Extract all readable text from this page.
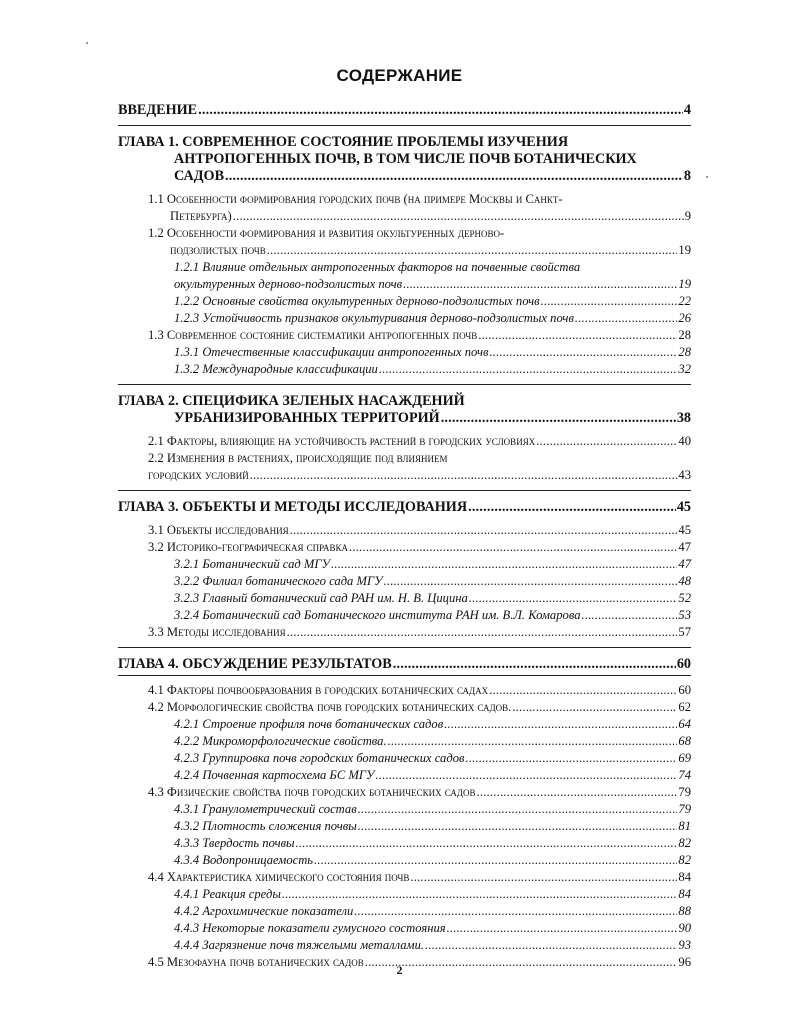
СОДЕРЖАНИЕ
ВВЕДЕНИЕ .....	4
ГЛАВА 1. СОВРЕМЕННОЕ СОСТОЯНИЕ ПРОБЛЕМЫ ИЗУЧЕНИЯ
АНТРОПОГЕННЫХ ПОЧВ, В ТОМ ЧИСЛЕ ПОЧВ БОТАНИЧЕСКИХ
САДОВ .....	8
1.1 Особенности формирования городских почв (на примере Москвы и Санкт-
Петербурга) .....	9
1.2 Особенности формирования и развития окультуренных дерново-
подзолистых почв .....	19
1.2.1 Влияние отдельных антропогенных факторов на почвенные свойства
окультуренных дерново-подзолистых почв .....	19
1.2.2 Основные свойства окультуренных дерново-подзолистых почв .....	22
1.2.3 Устойчивость признаков окультуривания дерново-подзолистых почв .....	26
1.3 Современное состояние систематики антропогенных почв .....	28
1.3.1 Отечественные классификации антропогенных почв .....	28
1.3.2 Международные классификации .....	32
ГЛАВА 2. СПЕЦИФИКА ЗЕЛЕНЫХ НАСАЖДЕНИЙ
УРБАНИЗИРОВАННЫХ ТЕРРИТОРИЙ .....	38
2.1 Факторы, влияющие на устойчивость растений в городских условиях .....	40
2.2 Изменения в растениях, происходящие под влиянием
городских условий .....	43
ГЛАВА 3. ОБЪЕКТЫ И МЕТОДЫ ИССЛЕДОВАНИЯ .....	45
3.1 Объекты исследования .....	45
3.2 Историко-географическая справка .....	47
3.2.1 Ботанический сад МГУ .....	47
3.2.2 Филиал ботанического сада МГУ .....	48
3.2.3 Главный ботанический сад РАН им. Н. В. Цицина .....	52
3.2.4 Ботанический сад Ботанического института РАН им. В.Л. Комарова .....	53
3.3 Методы исследования .....	57
ГЛАВА 4. ОБСУЖДЕНИЕ РЕЗУЛЬТАТОВ .....	60
4.1 Факторы почвообразования в городских ботанических садах .....	60
4.2 Морфологические свойства почв городских ботанических садов. .....	62
4.2.1 Строение профиля почв ботанических садов .....	64
4.2.2 Микроморфологические свойства. .....	68
4.2.3 Группировка почв городских ботанических садов .....	69
4.2.4 Почвенная картосхема БС МГУ .....	74
4.3 Физические свойства почв городских ботанических садов .....	79
4.3.1 Гранулометрический состав .....	79
4.3.2 Плотность сложения почвы .....	81
4.3.3 Твердость почвы .....	82
4.3.4 Водопроницаемость .....	82
4.4 Характеристика химического состояния почв .....	84
4.4.1 Реакция среды .....	84
4.4.2 Агрохимические показатели .....	88
4.4.3 Некоторые показатели гумусного состояния .....	90
4.4.4 Загрязнение почв тяжелыми металлами. .....	93
4.5 Мезофауна почв ботанических садов .....	96
2
